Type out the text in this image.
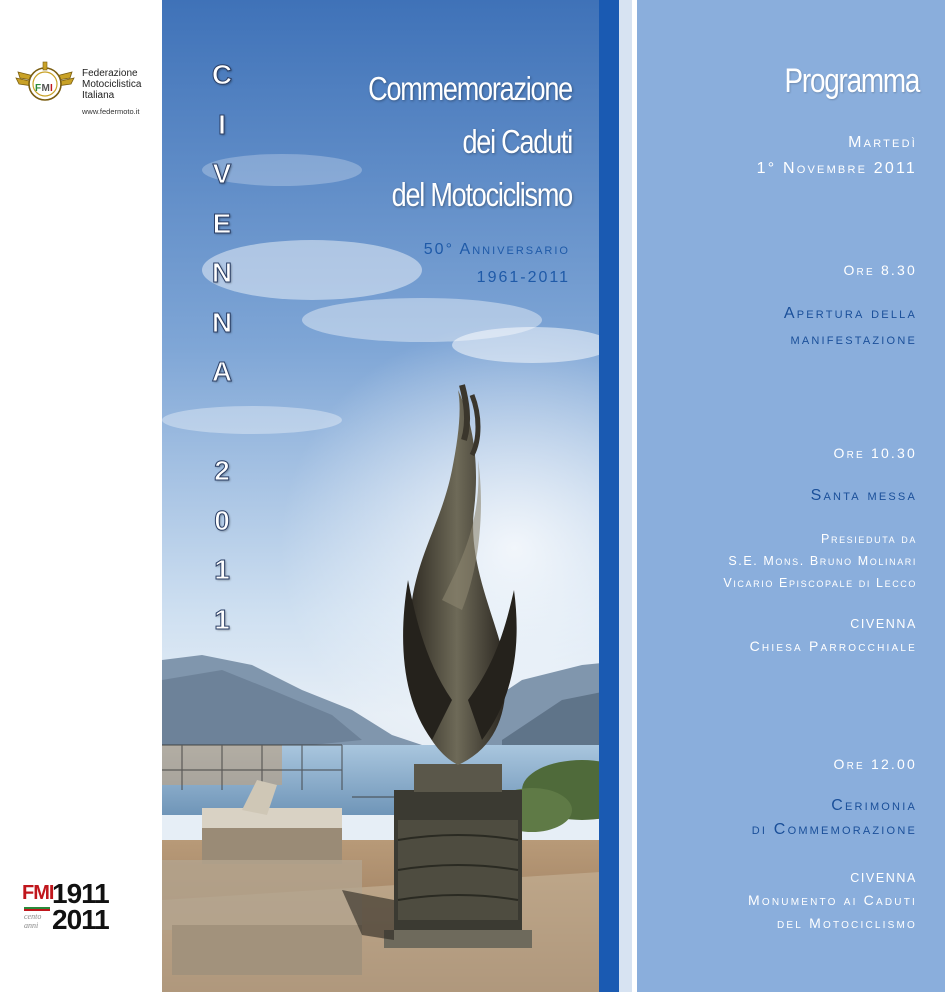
F M I
Federazione
Motociclistica
Italiana
www.federmoto.it
FMI
1911
2011
cento
anni
C
I
V
E
N
N
A

2
0
1
1
Commemorazione
dei Caduti
del Motociclismo
50° Anniversario
1961-2011
Programma
Martedì
1° Novembre 2011
Ore 8.30
Apertura della
manifestazione
Ore 10.30
Santa messa
Presieduta da
S.E. Mons. Bruno Molinari
Vicario Episcopale di Lecco
CIVENNA
Chiesa Parrocchiale
Ore 12.00
Cerimonia
di Commemorazione
CIVENNA
Monumento ai Caduti
del Motociclismo
